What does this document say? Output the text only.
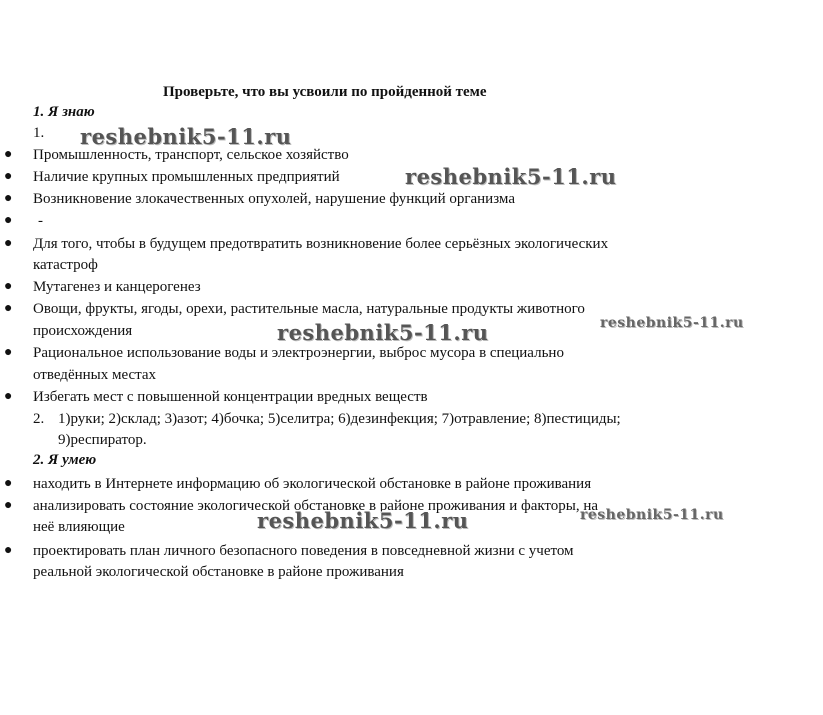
Проверьте, что вы усвоили по пройденной теме
1. Я знаю
1.
● Промышленность, транспорт, сельское хозяйство
● Наличие крупных промышленных предприятий
● Возникновение злокачественных опухолей, нарушение функций организма
● -
● Для того, чтобы в будущем предотвратить возникновение более серьёзных экологических
катастроф
● Мутагенез и канцерогенез
● Овощи, фрукты, ягоды, орехи, растительные масла, натуральные продукты животного
происхождения
● Рациональное использование воды и электроэнергии, выброс мусора в специально
отведённых местах
● Избегать мест с повышенной концентрации вредных веществ
2. 1)руки; 2)склад; 3)азот; 4)бочка; 5)селитра; 6)дезинфекция; 7)отравление; 8)пестициды;
9)респиратор.
2. Я умею
● находить в Интернете информацию об экологической обстановке в районе проживания
● анализировать состояние экологической обстановке в районе проживания и факторы, на
неё влияющие
● проектировать план личного безопасного поведения в повседневной жизни с учетом
реальной экологической обстановке в районе проживания
reshebnik5-11.ru
reshebnik5-11.ru
reshebnik5-11.ru	reshebnik5-11.ru
reshebnik5-11.ru	reshebnik5-11.ru
